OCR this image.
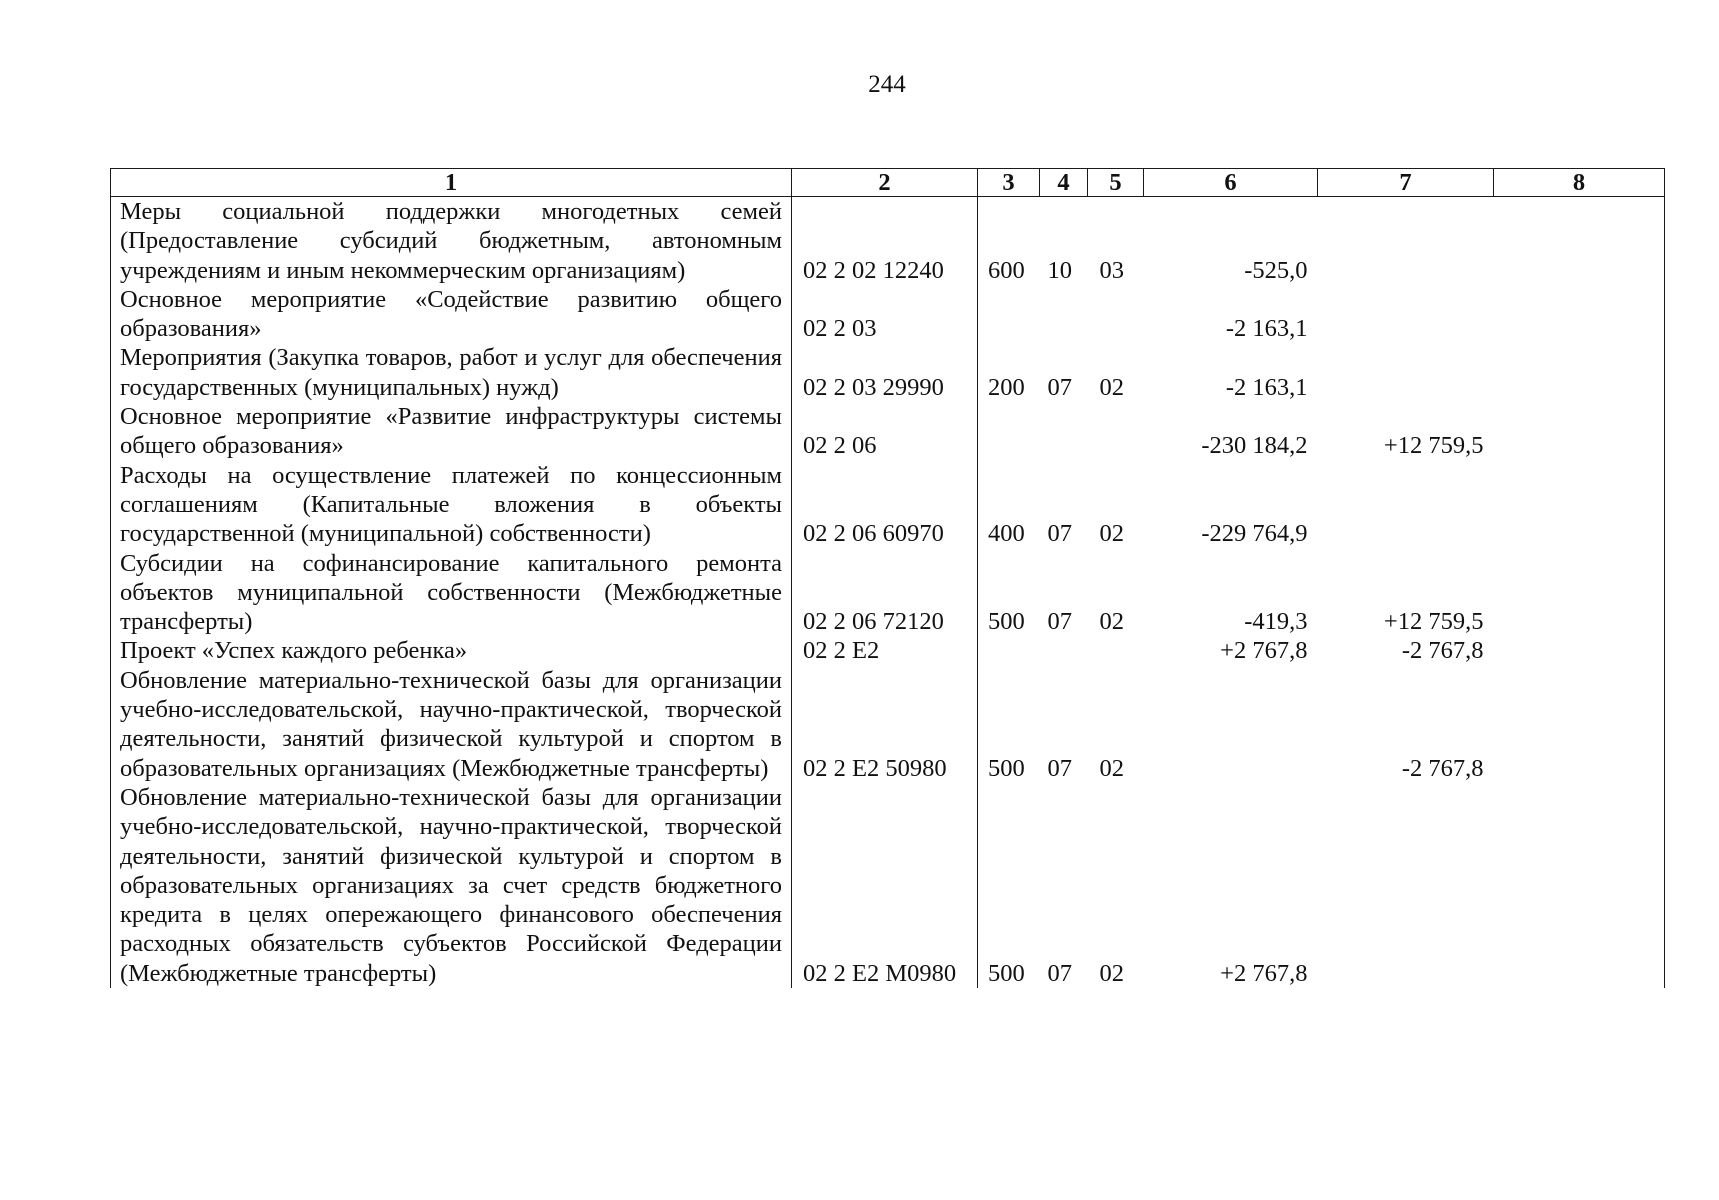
244
1	2	3	4	5	6	7	8
Меры социальной поддержки многодетных семей (Предоставление субсидий бюджетным, автономным учреждениям и иным некоммерческим организациям)	02 2 02 12240	600	10	03	-525,0		
Основное мероприятие «Содействие развитию общего образования»	02 2 03				-2 163,1		
Мероприятия (Закупка товаров, работ и услуг для обеспечения государственных (муниципальных) нужд)	02 2 03 29990	200	07	02	-2 163,1		
Основное мероприятие «Развитие инфраструктуры системы общего образования»	02 2 06				-230 184,2	+12 759,5	
Расходы на осуществление платежей по концессионным соглашениям (Капитальные вложения в объекты государственной (муниципальной) собственности)	02 2 06 60970	400	07	02	-229 764,9		
Субсидии на софинансирование капитального ремонта объектов муниципальной собственности (Межбюджетные трансферты)	02 2 06 72120	500	07	02	-419,3	+12 759,5	
Проект «Успех каждого ребенка»	02 2 E2				+2 767,8	-2 767,8	
Обновление материально-технической базы для организации учебно-исследовательской, научно-практической, творческой деятельности, занятий физической культурой и спортом в образовательных организациях (Межбюджетные трансферты)	02 2 E2 50980	500	07	02		-2 767,8	
Обновление материально-технической базы для организации учебно-исследовательской, научно-практической, творческой деятельности, занятий физической культурой и спортом в образовательных организациях за счет средств бюджетного кредита в целях опережающего финансового обеспечения расходных обязательств субъектов Российской Федерации (Межбюджетные трансферты)	02 2 E2 M0980	500	07	02	+2 767,8		
